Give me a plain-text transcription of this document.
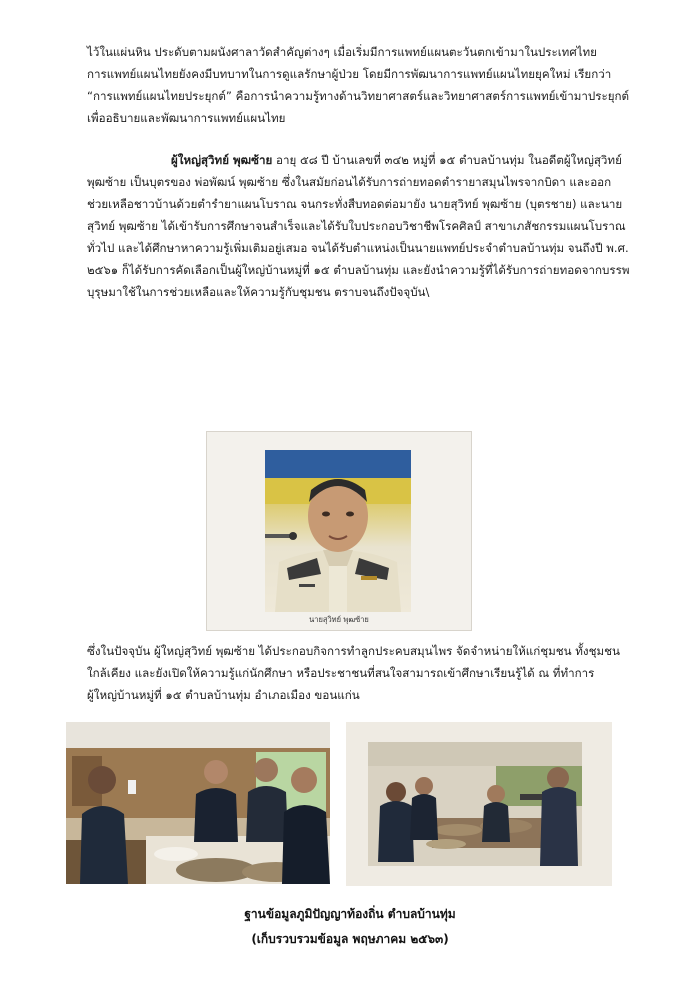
ไว้ในแผ่นหิน ประดับตามผนังศาลาวัดสำคัญต่างๆ เมื่อเริ่มมีการแพทย์แผนตะวันตกเข้ามาในประเทศไทย
การแพทย์แผนไทยยังคงมีบทบาทในการดูแลรักษาผู้ป่วย โดยมีการพัฒนาการแพทย์แผนไทยยุคใหม่ เรียกว่า
“การแพทย์แผนไทยประยุกต์” คือการนำความรู้ทางด้านวิทยาศาสตร์และวิทยาศาสตร์การแพทย์เข้ามาประยุกต์
เพื่ออธิบายและพัฒนาการแพทย์แผนไทย
ผู้ใหญ่สุวิทย์ พุฒซ้าย อายุ ๕๘ ปี บ้านเลขที่ ๓๔๒ หมู่ที่ ๑๕ ตำบลบ้านทุ่ม ในอดีตผู้ใหญ่สุวิทย์
พุฒซ้าย เป็นบุตรของ พ่อพัฒน์ พุฒซ้าย ซึ่งในสมัยก่อนได้รับการถ่ายทอดตำรายาสมุนไพรจากบิดา และออก
ช่วยเหลือชาวบ้านด้วยตำรำยาแผนโบราณ จนกระทั่งสืบทอดต่อมายัง นายสุวิทย์ พุฒซ้าย (บุตรชาย) และนาย
สุวิทย์ พุฒซ้าย ได้เข้ารับการศึกษาจนสำเร็จและได้รับใบประกอบวิชาชีพโรคศิลป์ สาขาเภสัชกรรมแผนโบราณ
ทั่วไป และได้ศึกษาหาความรู้เพิ่มเติมอยู่เสมอ จนได้รับตำแหน่งเป็นนายแพทย์ประจำตำบลบ้านทุ่ม จนถึงปี พ.ศ.
๒๕๖๑ ก็ได้รับการคัดเลือกเป็นผู้ใหญ่บ้านหมู่ที่ ๑๕ ตำบลบ้านทุ่ม และยังนำความรู้ที่ได้รับการถ่ายทอดจากบรรพ
บุรุษมาใช้ในการช่วยเหลือและให้ความรู้กับชุมชน ตราบจนถึงปัจจุบัน\
นายสุวิทย์ พุฒซ้าย
ซึ่งในปัจจุบัน ผู้ใหญ่สุวิทย์ พุฒซ้าย ได้ประกอบกิจการทำลูกประคบสมุนไพร จัดจำหน่ายให้แก่ชุมชน ทั้งชุมชน
ใกล้เคียง และยังเปิดให้ความรู้แก่นักศึกษา หรือประชาชนที่สนใจสามารถเข้าศึกษาเรียนรู้ได้ ณ ที่ทำการ
ผู้ใหญ่บ้านหมู่ที่ ๑๕ ตำบลบ้านทุ่ม อำเภอเมือง ขอนแก่น
ฐานข้อมูลภูมิปัญญาท้องถิ่น ตำบลบ้านทุ่ม
(เก็บรวบรวมข้อมูล พฤษภาคม ๒๕๖๓)
